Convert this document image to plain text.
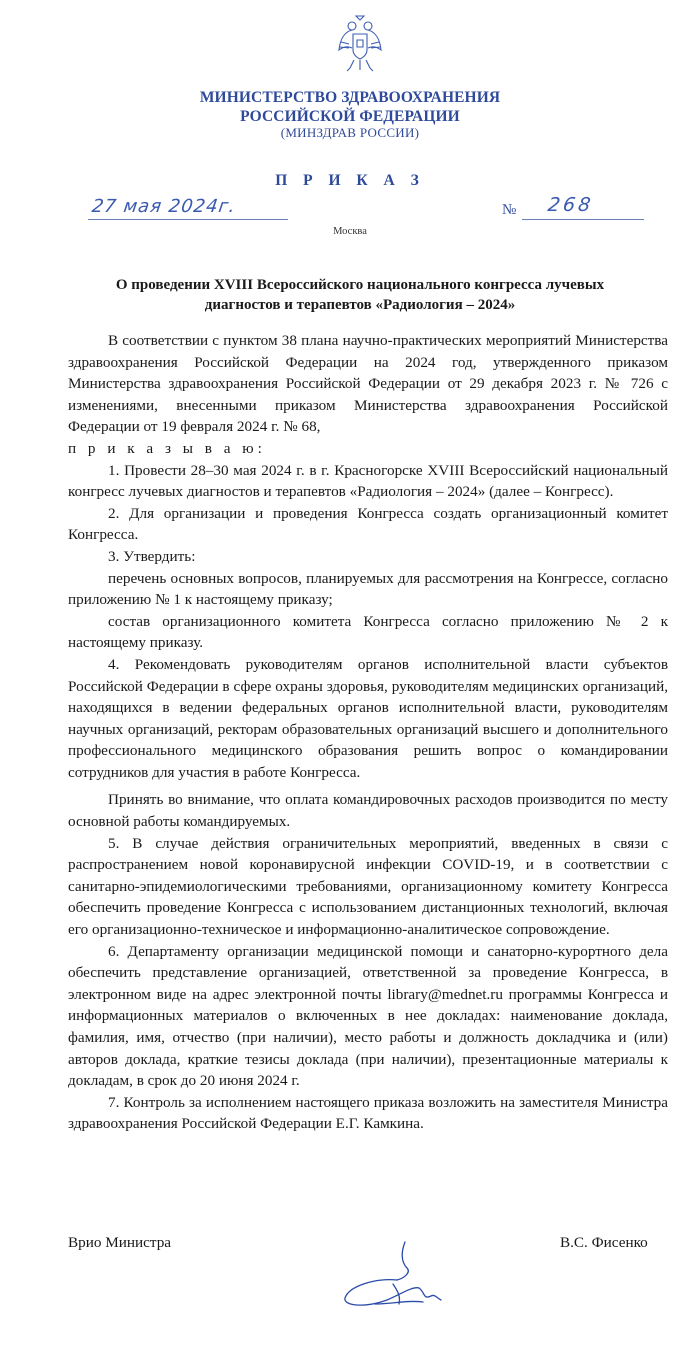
МИНИСТЕРСТВО ЗДРАВООХРАНЕНИЯ
РОССИЙСКОЙ ФЕДЕРАЦИИ
(МИНЗДРАВ РОССИИ)
П Р И К А З
27 мая 2024г.	№ 268
Москва
О проведении XVIII Всероссийского национального конгресса лучевых
диагностов и терапевтов «Радиология – 2024»

В соответствии с пунктом 38 плана научно-практических мероприятий Министерства здравоохранения Российской Федерации на 2024 год, утвержденного приказом Министерства здравоохранения Российской Федерации от 29 декабря 2023 г. № 726 с изменениями, внесенными приказом Министерства здравоохранения Российской Федерации от 19 февраля 2024 г. № 68,

п р и к а з ы в а ю:

1. Провести 28–30 мая 2024 г. в г. Красногорске XVIII Всероссийский национальный конгресс лучевых диагностов и терапевтов «Радиология – 2024» (далее – Конгресс).

2. Для организации и проведения Конгресса создать организационный комитет Конгресса.

3. Утвердить:

перечень основных вопросов, планируемых для рассмотрения на Конгрессе, согласно приложению № 1 к настоящему приказу;

состав организационного комитета Конгресса согласно приложению № 2 к настоящему приказу.

4. Рекомендовать руководителям органов исполнительной власти субъектов Российской Федерации в сфере охраны здоровья, руководителям медицинских организаций, находящихся в ведении федеральных органов исполнительной власти, руководителям научных организаций, ректорам образовательных организаций высшего и дополнительного профессионального медицинского образования решить вопрос о командировании сотрудников для участия в работе Конгресса.

Принять во внимание, что оплата командировочных расходов производится по месту основной работы командируемых.

5. В случае действия ограничительных мероприятий, введенных в связи с распространением новой коронавирусной инфекции COVID-19, и в соответствии с санитарно-эпидемиологическими требованиями, организационному комитету Конгресса обеспечить проведение Конгресса с использованием дистанционных технологий, включая его организационно-техническое и информационно-аналитическое сопровождение.

6. Департаменту организации медицинской помощи и санаторно-курортного дела обеспечить представление организацией, ответственной за проведение Конгресса, в электронном виде на адрес электронной почты library@mednet.ru программы Конгресса и информационных материалов о включенных в нее докладах: наименование доклада, фамилия, имя, отчество (при наличии), место работы и должность докладчика и (или) авторов доклада, краткие тезисы доклада (при наличии), презентационные материалы к докладам, в срок до 20 июня 2024 г.

7. Контроль за исполнением настоящего приказа возложить на заместителя Министра здравоохранения Российской Федерации Е.Г. Камкина.

Врио Министра	В.С. Фисенко
